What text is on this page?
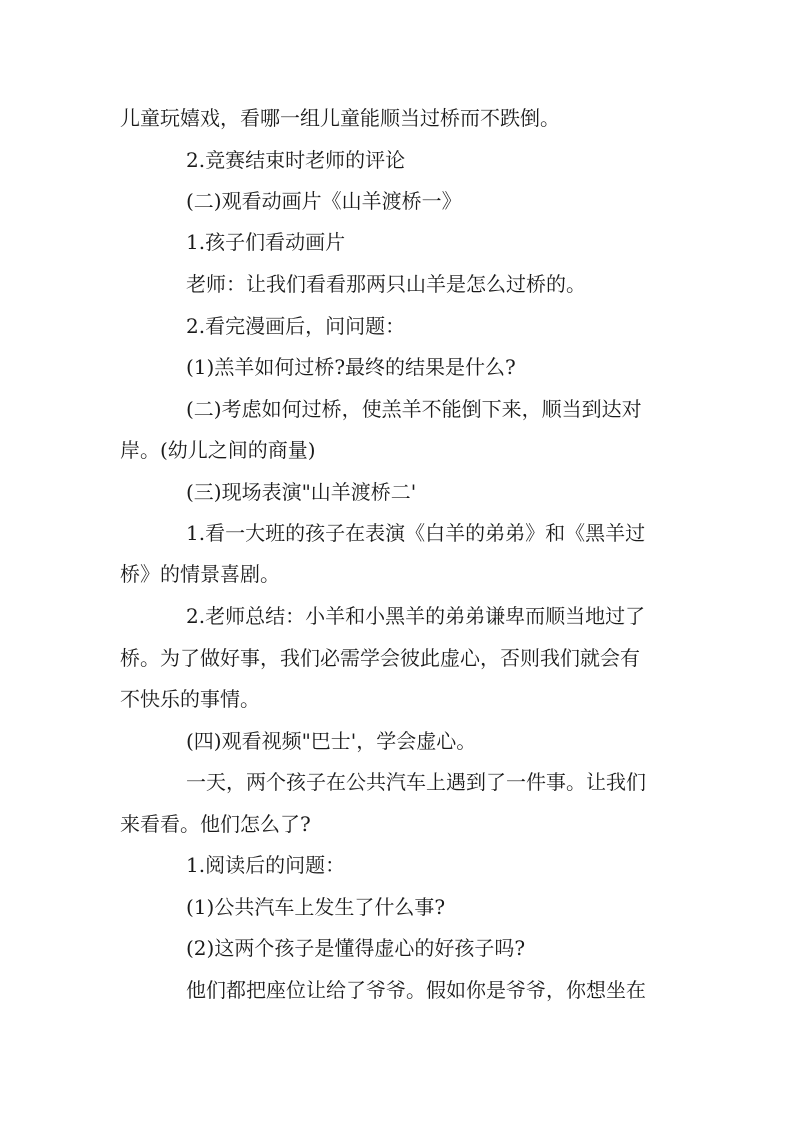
儿童玩嬉戏，看哪一组儿童能顺当过桥而不跌倒。
2.竞赛结束时老师的评论
(二)观看动画片《山羊渡桥一》
1.孩子们看动画片
老师：让我们看看那两只山羊是怎么过桥的。
2.看完漫画后，问问题：
(1)羔羊如何过桥?最终的结果是什么?
(二)考虑如何过桥，使羔羊不能倒下来，顺当到达对
岸。(幼儿之间的商量)
(三)现场表演"山羊渡桥二'
1.看一大班的孩子在表演《白羊的弟弟》和《黑羊过
桥》的情景喜剧。
2.老师总结：小羊和小黑羊的弟弟谦卑而顺当地过了
桥。为了做好事，我们必需学会彼此虚心，否则我们就会有
不快乐的事情。
(四)观看视频"巴士'，学会虚心。
一天，两个孩子在公共汽车上遇到了一件事。让我们
来看看。他们怎么了?
1.阅读后的问题：
(1)公共汽车上发生了什么事?
(2)这两个孩子是懂得虚心的好孩子吗?
他们都把座位让给了爷爷。假如你是爷爷，你想坐在
